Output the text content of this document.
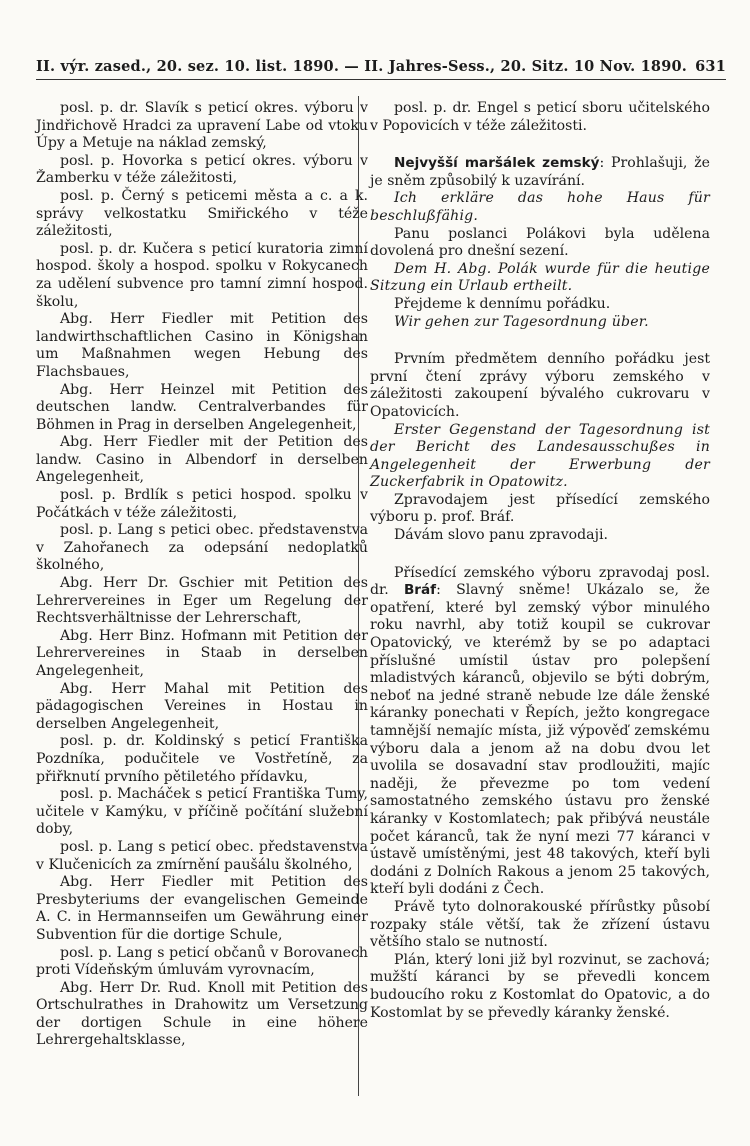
II. výr. zased., 20. sez. 10. list. 1890. — II. Jahres-Sess., 20. Sitz. 10 Nov. 1890. 631

posl. p. dr. Slavík s peticí okres. výboru v Jindřichově Hradci za upravení Labe od vtoku Úpy a Metuje na náklad zemský,

posl. p. Hovorka s peticí okres. výboru v Žamberku v téže záležitosti,

posl. p. Černý s peticemi města a c. a k. správy velkostatku Smiřického v téže záležitosti,

posl. p. dr. Kučera s peticí kuratoria zimní hospod. školy a hospod. spolku v Rokycanech za udělení subvence pro tamní zimní hospod. školu,

Abg. Herr Fiedler mit Petition des landwirthschaftlichen Casino in Königshan um Maßnahmen wegen Hebung des Flachsbaues,

Abg. Herr Heinzel mit Petition des deutschen landw. Centralverbandes für Böhmen in Prag in derselben Angelegenheit,

Abg. Herr Fiedler mit der Petition des landw. Casino in Albendorf in derselben Angelegenheit,

posl. p. Brdlík s petici hospod. spolku v Počátkách v téže záležitosti,

posl. p. Lang s petici obec. představenstva v Zahořanech za odepsání nedoplatků školného,

Abg. Herr Dr. Gschier mit Petition des Lehrervereines in Eger um Regelung der Rechtsverhältnisse der Lehrerschaft,

Abg. Herr Binz. Hofmann mit Petition der Lehrervereines in Staab in derselben Angelegenheit,

Abg. Herr Mahal mit Petition des pädagogischen Vereines in Hostau in derselben Angelegenheit,

posl. p. dr. Koldinský s peticí Františka Pozdníka, podučitele ve Vostřetíně, za přiřknutí prvního pětiletého přídavku,

posl. p. Macháček s peticí Františka Tumy, učitele v Kamýku, v příčině počítání služební doby,

posl. p. Lang s peticí obec. představenstva v Klučenicích za zmírnění paušálu školného,

Abg. Herr Fiedler mit Petition des Presbyteriums der evangelischen Gemeinde A. C. in Hermannseifen um Gewährung einer Subvention für die dortige Schule,

posl. p. Lang s peticí občanů v Borovanech proti Vídeňským úmluvám vyrovnacím,

Abg. Herr Dr. Rud. Knoll mit Petition des Ortschulrathes in Drahowitz um Versetzung der dortigen Schule in eine höhere Lehrergehaltsklasse,

posl. p. dr. Engel s peticí sboru učitelského v Popovicích v téže záležitosti.

Nejvyšší maršálek zemský: Prohlašuji, že je sněm způsobilý k uzavírání.

Ich erkläre das hohe Haus für beschlußfähig.

Panu poslanci Polákovi byla udělena dovolená pro dnešní sezení.

Dem H. Abg. Polák wurde für die heutige Sitzung ein Urlaub ertheilt.

Přejdeme k dennímu pořádku.

Wir gehen zur Tagesordnung über.

Prvním předmětem denního pořádku jest první čtení zprávy výboru zemského v záležitosti zakoupení bývalého cukrovaru v Opatovicích.

Erster Gegenstand der Tagesordnung ist der Bericht des Landesausschußes in Angelegenheit der Erwerbung der Zuckerfabrik in Opatowitz.

Zpravodajem jest přísedící zemského výboru p. prof. Bráf.

Dávám slovo panu zpravodaji.

Přísedící zemského výboru zpravodaj posl. dr. Bráf: Slavný sněme! Ukázalo se, že opatření, které byl zemský výbor minulého roku navrhl, aby totiž koupil se cukrovar Opatovický, ve kterémž by se po adaptaci příslušné umístil ústav pro polepšení mladistvých káranců, objevilo se býti dobrým, neboť na jedné straně nebude lze dále ženské káranky ponechati v Řepích, ježto kongregace tamnější nemajíc místa, již výpověď zemskému výboru dala a jenom až na dobu dvou let uvolila se dosavadní stav prodloužiti, majíc naději, že převezme po tom vedení samostatného zemského ústavu pro ženské káranky v Kostomlatech; pak přibývá neustále počet káranců, tak že nyní mezi 77 káranci v ústavě umístěnými, jest 48 takových, kteří byli dodáni z Dolních Rakous a jenom 25 takových, kteří byli dodáni z Čech.

Právě tyto dolnorakouské přírůstky působí rozpaky stále větší, tak že zřízení ústavu většího stalo se nutností.

Plán, který loni již byl rozvinut, se zachová; mužští káranci by se převedli koncem budoucího roku z Kostomlat do Opatovic, a do Kostomlat by se převedly káranky ženské.
